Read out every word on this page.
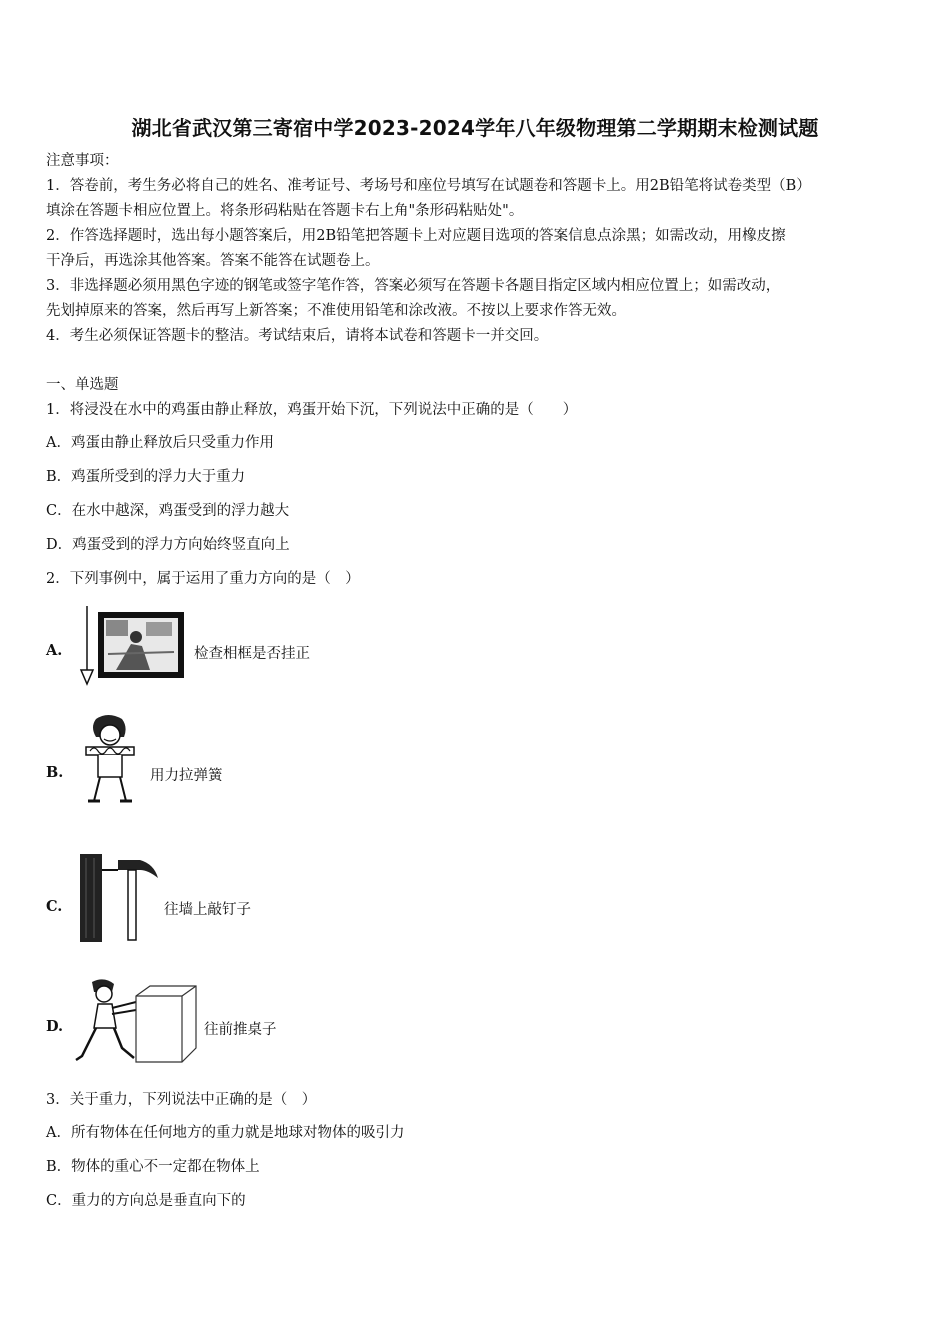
湖北省武汉第三寄宿中学2023-2024学年八年级物理第二学期期末检测试题
注意事项：
1．答卷前，考生务必将自己的姓名、准考证号、考场号和座位号填写在试题卷和答题卡上。用2B铅笔将试卷类型（B）
填涂在答题卡相应位置上。将条形码粘贴在答题卡右上角"条形码粘贴处"。
2．作答选择题时，选出每小题答案后，用2B铅笔把答题卡上对应题目选项的答案信息点涂黑；如需改动，用橡皮擦
干净后，再选涂其他答案。答案不能答在试题卷上。
3．非选择题必须用黑色字迹的钢笔或签字笔作答，答案必须写在答题卡各题目指定区域内相应位置上；如需改动，
先划掉原来的答案，然后再写上新答案；不准使用铅笔和涂改液。不按以上要求作答无效。
4．考生必须保证答题卡的整洁。考试结束后，请将本试卷和答题卡一并交回。
一、单选题
1．将浸没在水中的鸡蛋由静止释放，鸡蛋开始下沉，下列说法中正确的是（　　）
A．鸡蛋由静止释放后只受重力作用
B．鸡蛋所受到的浮力大于重力
C．在水中越深，鸡蛋受到的浮力越大
D．鸡蛋受到的浮力方向始终竖直向上
2．下列事例中，属于运用了重力方向的是（　）
A.	检查相框是否挂正
B.	用力拉弹簧
C.	往墙上敲钉子
D.	往前推桌子
3．关于重力，下列说法中正确的是（　）
A．所有物体在任何地方的重力就是地球对物体的吸引力
B．物体的重心不一定都在物体上
C．重力的方向总是垂直向下的
